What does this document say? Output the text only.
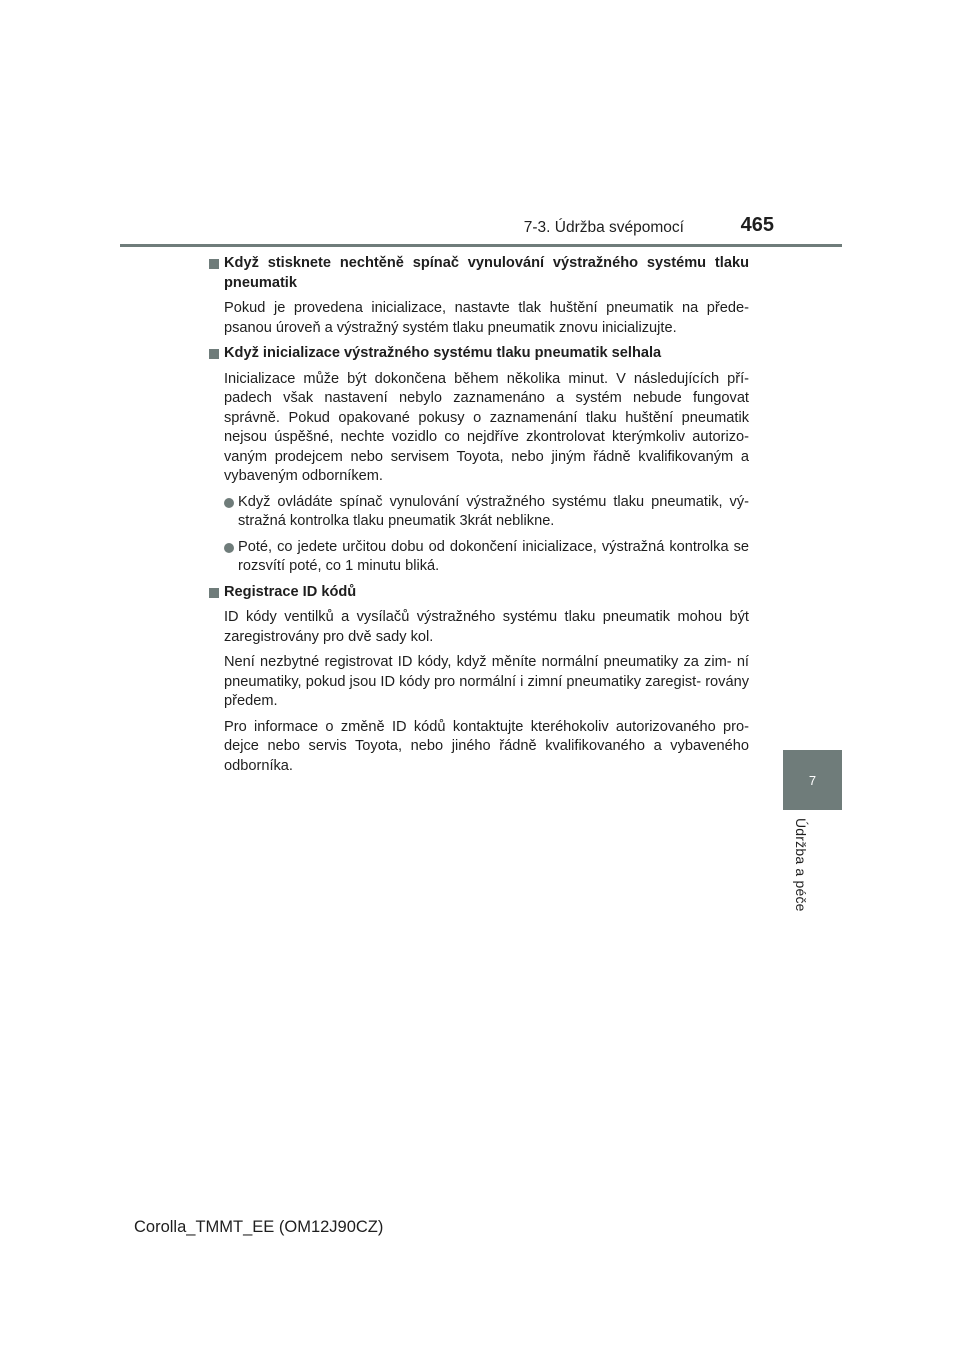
7-3. Údržba svépomocí	465
7
Údržba a péče

Když stisknete nechtěně spínač vynulování výstražného systému tlaku pneumatik

Pokud je provedena inicializace, nastavte tlak huštění pneumatik na přede- psanou úroveň a výstražný systém tlaku pneumatik znovu inicializujte.

Když inicializace výstražného systému tlaku pneumatik selhala

Inicializace může být dokončena během několika minut. V následujících pří- padech však nastavení nebylo zaznamenáno a systém nebude fungovat správně. Pokud opakované pokusy o zaznamenání tlaku huštění pneumatik nejsou úspěšné, nechte vozidlo co nejdříve zkontrolovat kterýmkoliv autorizo- vaným prodejcem nebo servisem Toyota, nebo jiným řádně kvalifikovaným a vybaveným odborníkem.

Když ovládáte spínač vynulování výstražného systému tlaku pneumatik, vý- stražná kontrolka tlaku pneumatik 3krát neblikne.
Poté, co jedete určitou dobu od dokončení inicializace, výstražná kontrolka se rozsvítí poté, co 1 minutu bliká.

Registrace ID kódů

ID kódy ventilků a vysílačů výstražného systému tlaku pneumatik mohou být zaregistrovány pro dvě sady kol.

Není nezbytné registrovat ID kódy, když měníte normální pneumatiky za zim- ní pneumatiky, pokud jsou ID kódy pro normální i zimní pneumatiky zaregist- rovány předem.

Pro informace o změně ID kódů kontaktujte kteréhokoliv autorizovaného pro- dejce nebo servis Toyota, nebo jiného řádně kvalifikovaného a vybaveného odborníka.

Corolla_TMMT_EE (OM12J90CZ)
